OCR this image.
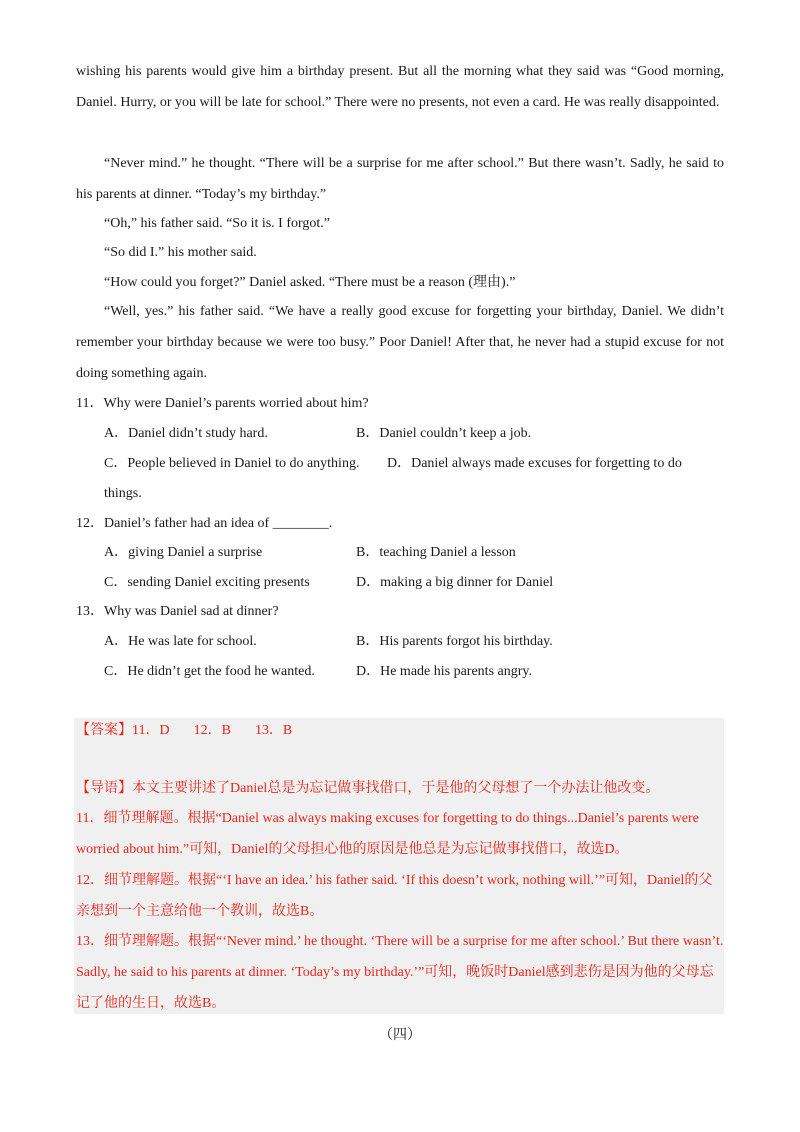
wishing his parents would give him a birthday present. But all the morning what they said was “Good morning, Daniel. Hurry, or you will be late for school.” There were no presents, not even a card. He was really disappointed.
“Never mind.” he thought. “There will be a surprise for me after school.” But there wasn’t. Sadly, he said to his parents at dinner. “Today’s my birthday.”
“Oh,” his father said. “So it is. I forgot.”
“So did I.” his mother said.
“How could you forget?” Daniel asked. “There must be a reason (理由).”
“Well, yes.” his father said. “We have a really good excuse for forgetting your birthday, Daniel. We didn’t remember your birthday because we were too busy.” Poor Daniel! After that, he never had a stupid excuse for not doing something again.
11．Why were Daniel’s parents worried about him?
A．Daniel didn’t study hard.	B．Daniel couldn’t keep a job.
C．People believed in Daniel to do anything. D．Daniel always made excuses for forgetting to do
things.
12．Daniel’s father had an idea of ________.
A．giving Daniel a surprise	B．teaching Daniel a lesson
C．sending Daniel exciting presents	D．making a big dinner for Daniel
13．Why was Daniel sad at dinner?
A．He was late for school.	B．His parents forgot his birthday.
C．He didn’t get the food he wanted.	D．He made his parents angry.
【答案】11．D 12．B 13．B
【导语】本文主要讲述了Daniel总是为忘记做事找借口，于是他的父母想了一个办法让他改变。
11．细节理解题。根据“Daniel was always making excuses for forgetting to do things...Daniel’s parents were worried about him.”可知，Daniel的父母担心他的原因是他总是为忘记做事找借口，故选D。
12．细节理解题。根据“‘I have an idea.’ his father said. ‘If this doesn’t work, nothing will.’”可知，Daniel的父亲想到一个主意给他一个教训，故选B。
13．细节理解题。根据“‘Never mind.’ he thought. ‘There will be a surprise for me after school.’ But there wasn’t. Sadly, he said to his parents at dinner. ‘Today’s my birthday.’”可知，晚饭时Daniel感到悲伤是因为他的父母忘记了他的生日，故选B。
（四）
